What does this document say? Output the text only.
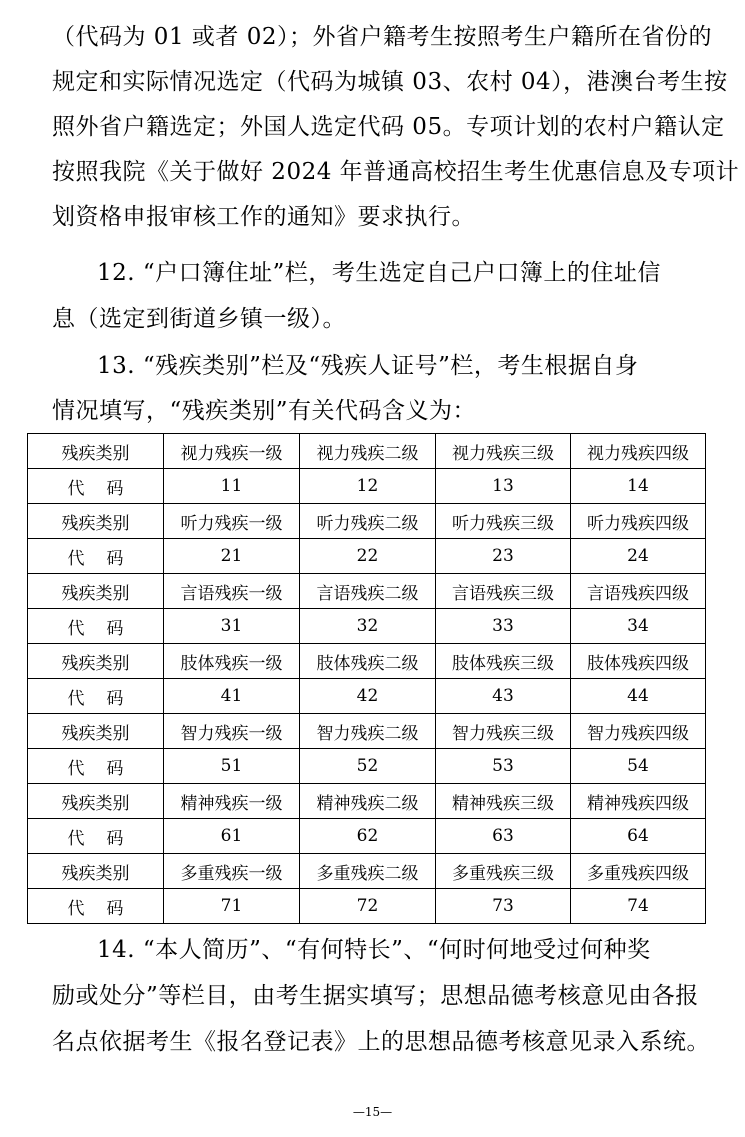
（代码为 01 或者 02）；外省户籍考生按照考生户籍所在省份的
规定和实际情况选定（代码为城镇 03、农村 04），港澳台考生按
照外省户籍选定；外国人选定代码 05。专项计划的农村户籍认定
按照我院《关于做好 2024 年普通高校招生考生优惠信息及专项计
划资格申报审核工作的通知》要求执行。
12. “户口簿住址”栏，考生选定自己户口簿上的住址信
息（选定到街道乡镇一级）。
13. “残疾类别”栏及“残疾人证号”栏，考生根据自身
情况填写，“残疾类别”有关代码含义为：
残疾类别	视力残疾一级	视力残疾二级	视力残疾三级	视力残疾四级
代码	11	12	13	14
残疾类别	听力残疾一级	听力残疾二级	听力残疾三级	听力残疾四级
代码	21	22	23	24
残疾类别	言语残疾一级	言语残疾二级	言语残疾三级	言语残疾四级
代码	31	32	33	34
残疾类别	肢体残疾一级	肢体残疾二级	肢体残疾三级	肢体残疾四级
代码	41	42	43	44
残疾类别	智力残疾一级	智力残疾二级	智力残疾三级	智力残疾四级
代码	51	52	53	54
残疾类别	精神残疾一级	精神残疾二级	精神残疾三级	精神残疾四级
代码	61	62	63	64
残疾类别	多重残疾一级	多重残疾二级	多重残疾三级	多重残疾四级
代码	71	72	73	74
14. “本人简历”、“有何特长”、“何时何地受过何种奖
励或处分”等栏目，由考生据实填写；思想品德考核意见由各报
名点依据考生《报名登记表》上的思想品德考核意见录入系统。
—15—
